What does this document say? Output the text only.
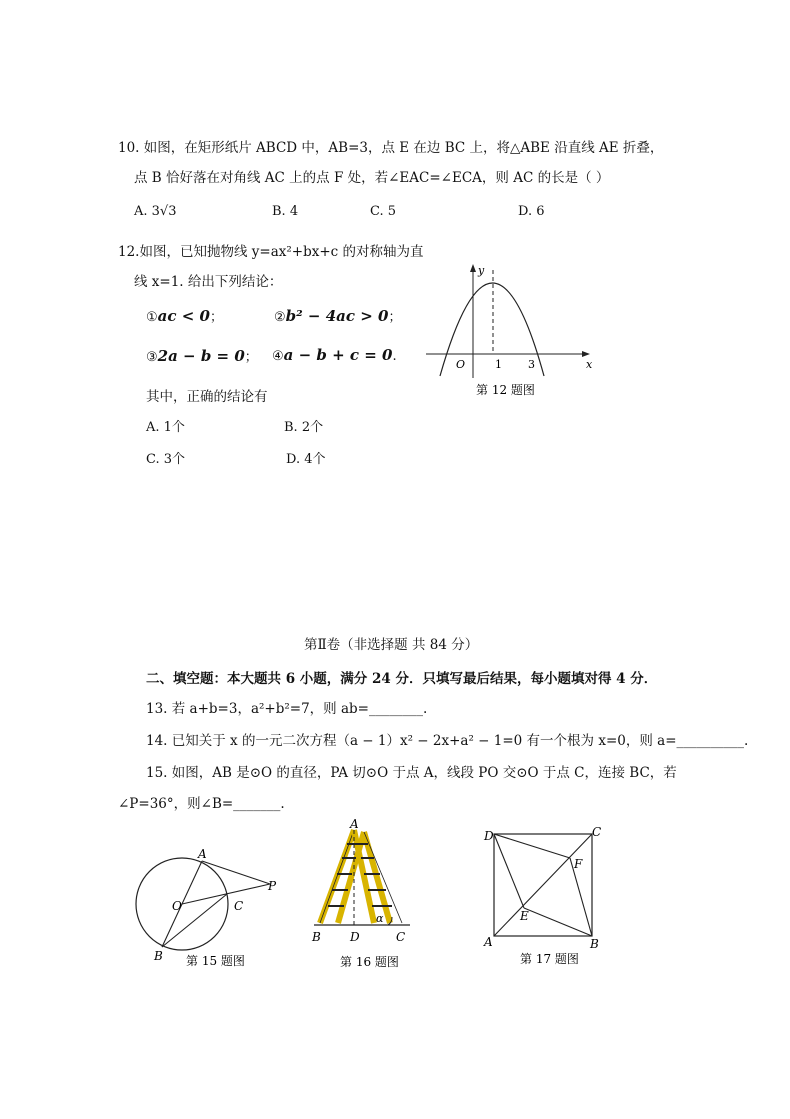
10. 如图，在矩形纸片 ABCD 中，AB=3，点 E 在边 BC 上，将△ABE 沿直线 AE 折叠，
点 B 恰好落在对角线 AC 上的点 F 处，若∠EAC=∠ECA，则 AC 的长是（ ）
A. 3√3	B. 4	C. 5	D. 6
12.如图，已知抛物线 y=ax²+bx+c 的对称轴为直
线 x=1. 给出下列结论：
①ac < 0；	②b² − 4ac > 0；
③2a − b = 0； ④a − b + c = 0.
其中，正确的结论有
A. 1个	B. 2个
C. 3个	D. 4个
y
x
O	1 3
第 12 题图
第Ⅱ卷（非选择题 共 84 分）
二、填空题：本大题共 6 小题，满分 24 分．只填写最后结果，每小题填对得 4 分．
13. 若 a+b=3，a²+b²=7，则 ab=________.
14. 已知关于 x 的一元二次方程（a − 1）x² − 2x+a² − 1=0 有一个根为 x=0，则 a=__________.
15. 如图，AB 是⊙O 的直径，PA 切⊙O 于点 A，线段 PO 交⊙O 于点 C，连接 BC，若
∠P=36°，则∠B=_______.
A
P
C
O
B 第 15 题图
A
B D	C
α
第 16 题图
D	C
F
E
A	B
第 17 题图
